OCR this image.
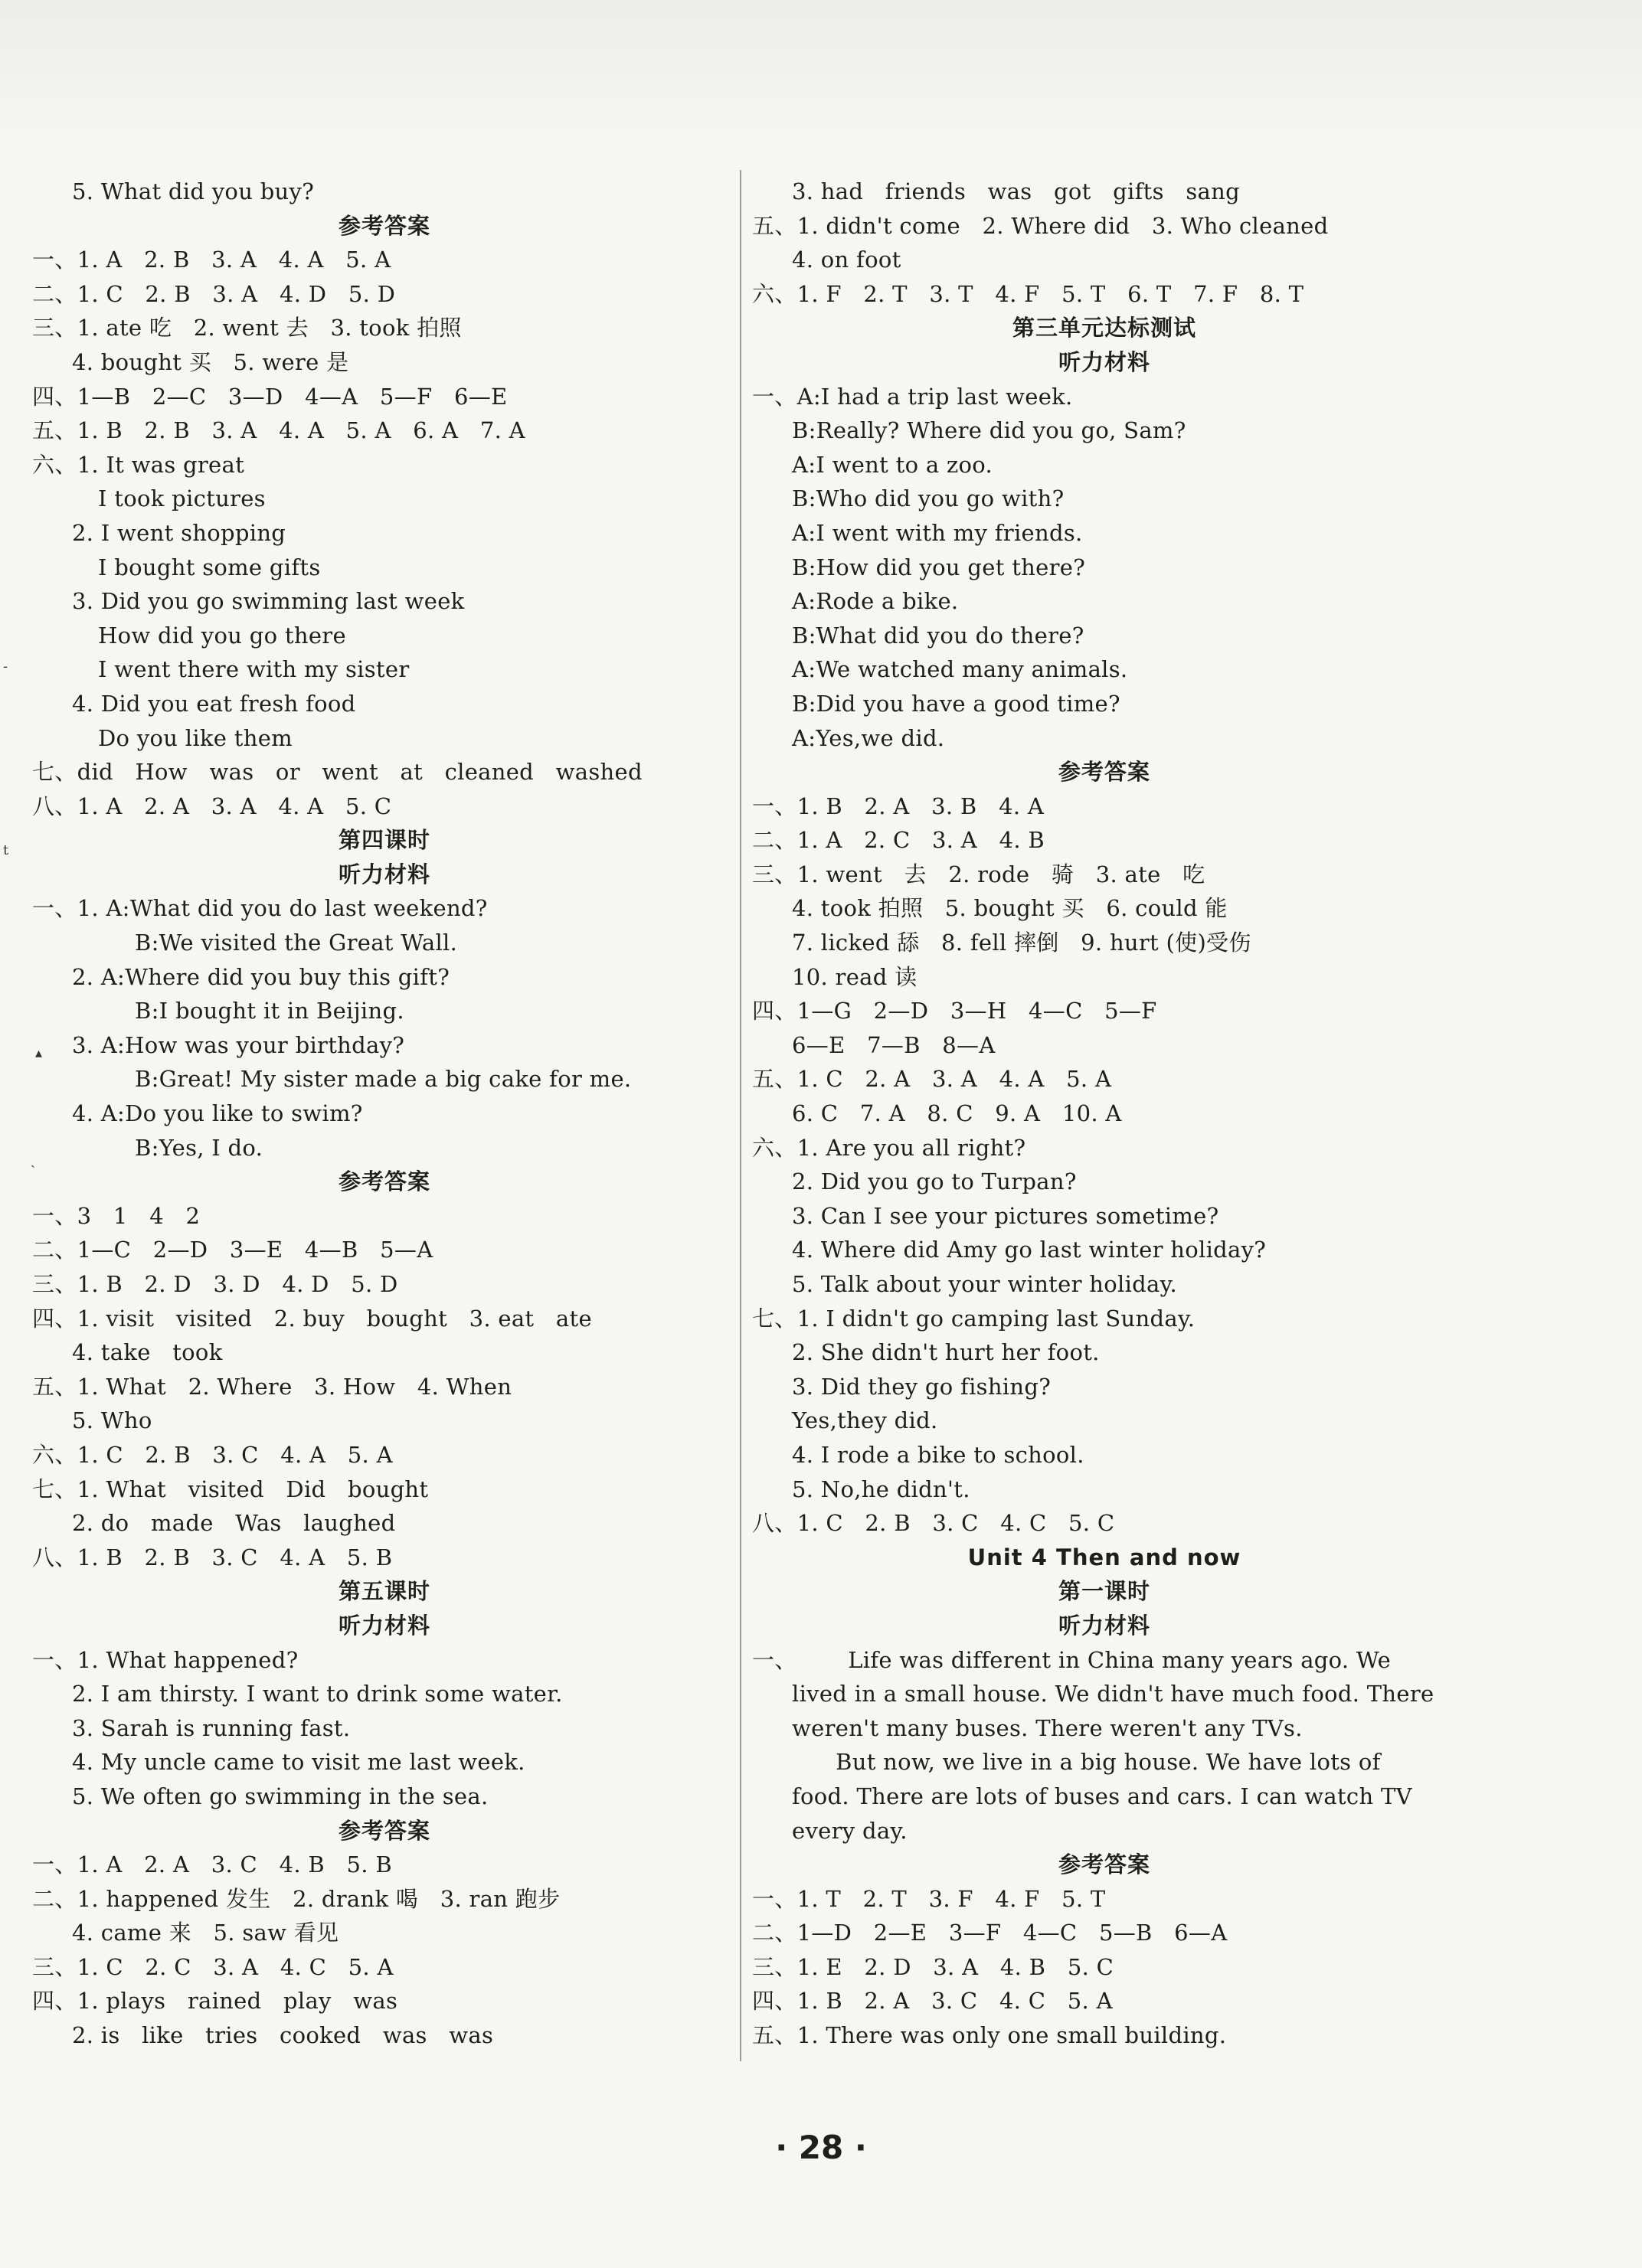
5. What did you buy?
参考答案
一、1. A   2. B   3. A   4. A   5. A
二、1. C   2. B   3. A   4. D   5. D
三、1. ate 吃   2. went 去   3. took 拍照
4. bought 买   5. were 是
四、1—B   2—C   3—D   4—A   5—F   6—E
五、1. B   2. B   3. A   4. A   5. A   6. A   7. A
六、1. It was great
I took pictures
2. I went shopping
I bought some gifts
3. Did you go swimming last week
How did you go there
I went there with my sister
4. Did you eat fresh food
Do you like them
七、did   How   was   or   went   at   cleaned   washed
八、1. A   2. A   3. A   4. A   5. C
第四课时
听力材料
一、1. A:What did you do last weekend?
B:We visited the Great Wall.
2. A:Where did you buy this gift?
B:I bought it in Beijing.
3. A:How was your birthday?
B:Great! My sister made a big cake for me.
4. A:Do you like to swim?
B:Yes, I do.
参考答案
一、3   1   4   2
二、1—C   2—D   3—E   4—B   5—A
三、1. B   2. D   3. D   4. D   5. D
四、1. visit   visited   2. buy   bought   3. eat   ate
4. take   took
五、1. What   2. Where   3. How   4. When
5. Who
六、1. C   2. B   3. C   4. A   5. A
七、1. What   visited   Did   bought
2. do   made   Was   laughed
八、1. B   2. B   3. C   4. A   5. B
第五课时
听力材料
一、1. What happened?
2. I am thirsty. I want to drink some water.
3. Sarah is running fast.
4. My uncle came to visit me last week.
5. We often go swimming in the sea.
参考答案
一、1. A   2. A   3. C   4. B   5. B
二、1. happened 发生   2. drank 喝   3. ran 跑步
4. came 来   5. saw 看见
三、1. C   2. C   3. A   4. C   5. A
四、1. plays   rained   play   was
2. is   like   tries   cooked   was   was
3. had   friends   was   got   gifts   sang
五、1. didn't come   2. Where did   3. Who cleaned
4. on foot
六、1. F   2. T   3. T   4. F   5. T   6. T   7. F   8. T
第三单元达标测试
听力材料
一、A:I had a trip last week.
B:Really? Where did you go, Sam?
A:I went to a zoo.
B:Who did you go with?
A:I went with my friends.
B:How did you get there?
A:Rode a bike.
B:What did you do there?
A:We watched many animals.
B:Did you have a good time?
A:Yes,we did.
参考答案
一、1. B   2. A   3. B   4. A
二、1. A   2. C   3. A   4. B
三、1. went   去   2. rode   骑   3. ate   吃
4. took 拍照   5. bought 买   6. could 能
7. licked 舔   8. fell 摔倒   9. hurt (使)受伤
10. read 读
四、1—G   2—D   3—H   4—C   5—F
6—E   7—B   8—A
五、1. C   2. A   3. A   4. A   5. A
6. C   7. A   8. C   9. A   10. A
六、1. Are you all right?
2. Did you go to Turpan?
3. Can I see your pictures sometime?
4. Where did Amy go last winter holiday?
5. Talk about your winter holiday.
七、1. I didn't go camping last Sunday.
2. She didn't hurt her foot.
3. Did they go fishing?
Yes,they did.
4. I rode a bike to school.
5. No,he didn't.
八、1. C   2. B   3. C   4. C   5. C
Unit 4 Then and now
第一课时
听力材料
一、       Life was different in China many years ago. We
lived in a small house. We didn't have much food. There
weren't many buses. There weren't any TVs.
But now, we live in a big house. We have lots of
food. There are lots of buses and cars. I can watch TV
every day.
参考答案
一、1. T   2. T   3. F   4. F   5. T
二、1—D   2—E   3—F   4—C   5—B   6—A
三、1. E   2. D   3. A   4. B   5. C
四、1. B   2. A   3. C   4. C   5. A
五、1. There was only one small building.
-
t
▴
ˏ
· 28 ·
